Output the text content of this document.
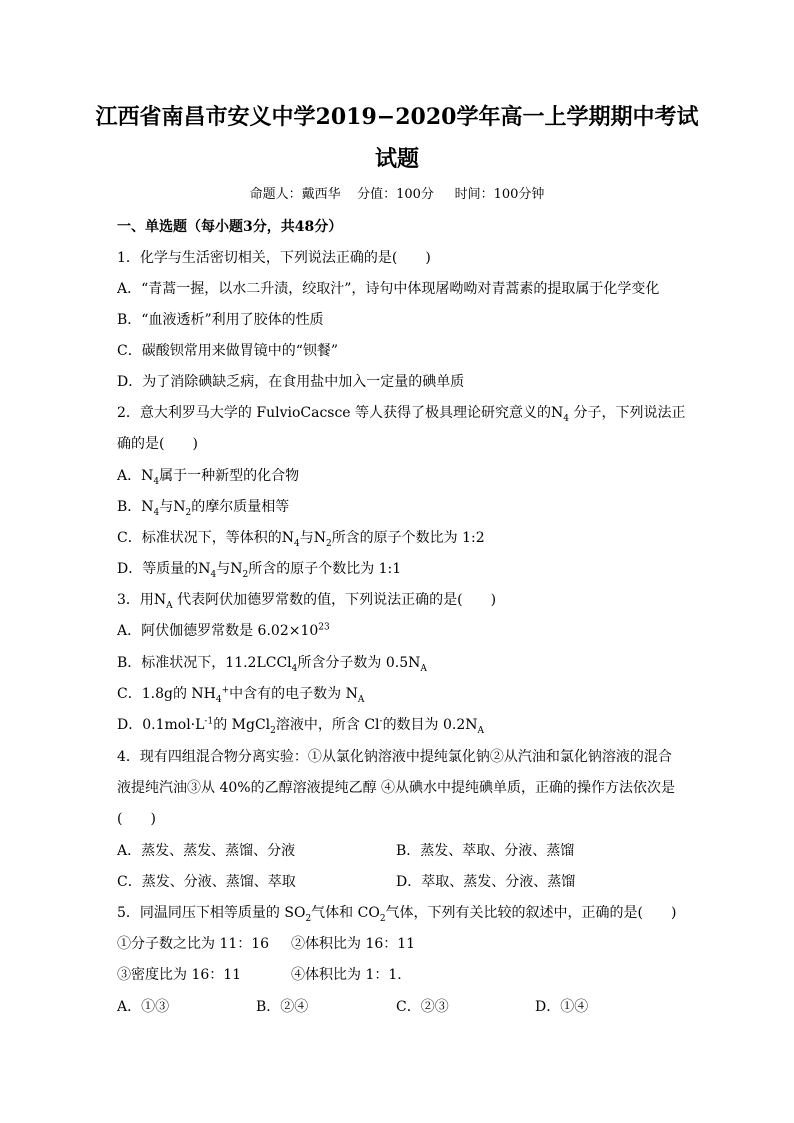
江西省南昌市安义中学2019−2020学年高一上学期期中考试
试题
命题人：戴西华    分值：100分     时间：100分钟
一、单选题（每小题3分，共48分）
1．化学与生活密切相关，下列说法正确的是(　　)
A．“青蒿一握，以水二升渍，绞取汁”，诗句中体现屠呦呦对青蒿素的提取属于化学变化
B．“血液透析”利用了胶体的性质
C．碳酸钡常用来做胃镜中的“钡餐”
D．为了消除碘缺乏病，在食用盐中加入一定量的碘单质
2．意大利罗马大学的 FulvioCacsce 等人获得了极具理论研究意义的$N_4$ 分子，下列说法正
确的是(　　)
A．$N_4$属于一种新型的化合物
B．$N_4$与$N_2$的摩尔质量相等
C．标准状况下，等体积的$N_4$与$N_2$所含的原子个数比为 1:2
D．等质量的$N_4$与$N_2$所含的原子个数比为 1:1
3．用$N_A$ 代表阿伏加德罗常数的值，下列说法正确的是(　　)
A．阿伏伽德罗常数是 $6.02\times 10^{23}$
B．标准状况下，11.2LCCl$_4$所含分子数为 $0.5N_A$
C．1.8g的 $NH_4^+$中含有的电子数为 $N_A$
D．$0.1mol\cdot L^{-1}$的 MgCl$_2$溶液中，所含 Cl-的数目为 $0.2N_A$
4．现有四组混合物分离实验：①从氯化钠溶液中提纯氯化钠②从汽油和氯化钠溶液的混合
液提纯汽油③从 40%的乙醇溶液提纯乙醇 ④从碘水中提纯碘单质，正确的操作方法依次是
(　　)
A．蒸发、蒸发、蒸馏、分液	B．蒸发、萃取、分液、蒸馏
C．蒸发、分液、蒸馏、萃取	D．萃取、蒸发、分液、蒸馏
5．同温同压下相等质量的 $SO_2$气体和 $CO_2$气体，下列有关比较的叙述中，正确的是(　　)
①分子数之比为 11：16 ②体积比为 16：11
③密度比为 16：11	④体积比为 1：1.
A．①③	B．②④	C．②③	D．①④
